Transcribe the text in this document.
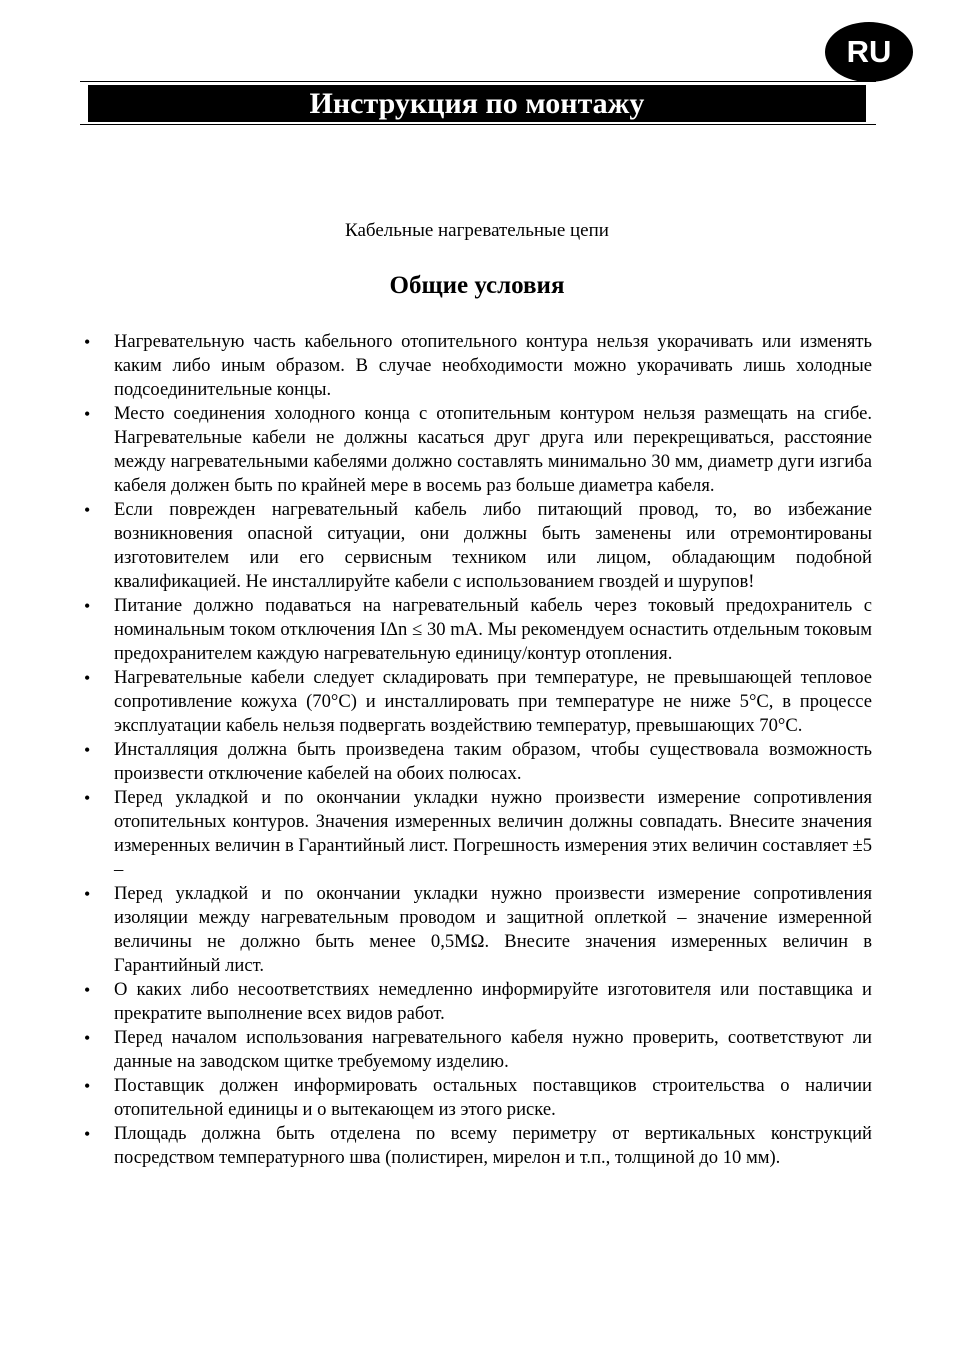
RU
Инструкция по монтажу
Кабельные нагревательные цепи
Общие условия
• Нагревательную часть кабельного отопительного контура нельзя укорачивать или изменять каким либо иным образом. В случае необходимости можно укорачивать лишь холодные подсоединительные концы.
• Место соединения холодного конца с отопительным контуром нельзя размещать на сгибе. Нагревательные кабели не должны касаться друг друга или перекрещиваться, расстояние между нагревательными кабелями должно составлять минимально 30 мм, диаметр дуги изгиба кабеля должен быть по крайней мере в восемь раз больше диаметра кабеля.
• Если поврежден нагревательный кабель либо питающий провод, то, во избежание возникновения опасной ситуации, они должны быть заменены или отремонтированы изготовителем или его сервисным техником или лицом, обладающим подобной квалификацией. Не инсталлируйте кабели с использованием гвоздей и шурупов!
• Питание должно подаваться на нагревательный кабель через токовый предохранитель с номинальным током отключения IΔn ≤ 30 mA. Мы рекомендуем оснастить отдельным токовым предохранителем каждую нагревательную единицу/контур отопления.
• Нагревательные кабели следует складировать при температуре, не превышающей тепловое сопротивление кожуха (70°C) и инсталлировать при температуре не ниже 5°C, в процессе эксплуатации кабель нельзя подвергать воздействию температур, превышающих 70°C.
• Инсталляция должна быть произведена таким образом, чтобы существовала возможность произвести отключение кабелей на обоих полюсах.
• Перед укладкой и по окончании укладки нужно произвести измерение сопротивления отопительных контуров. Значения измеренных величин должны совпадать. Внесите значения измеренных величин в Гарантийный лист. Погрешность измерения этих величин составляет ±5 –
• Перед укладкой и по окончании укладки нужно произвести измерение сопротивления изоляции между нагревательным проводом и защитной оплеткой – значение измеренной величины не должно быть менее 0,5MΩ. Внесите значения измеренных величин в Гарантийный лист.
• О каких либо несоответствиях немедленно информируйте изготовителя или поставщика и прекратите выполнение всех видов работ.
• Перед началом использования нагревательного кабеля нужно проверить, соответствуют ли данные на заводском щитке требуемому изделию.
• Поставщик должен информировать остальных поставщиков строительства о наличии отопительной единицы и о вытекающем из этого риске.
• Площадь должна быть отделена по всему периметру от вертикальных конструкций посредством температурного шва (полистирен, мирелон и т.п., толщиной до 10 мм).
